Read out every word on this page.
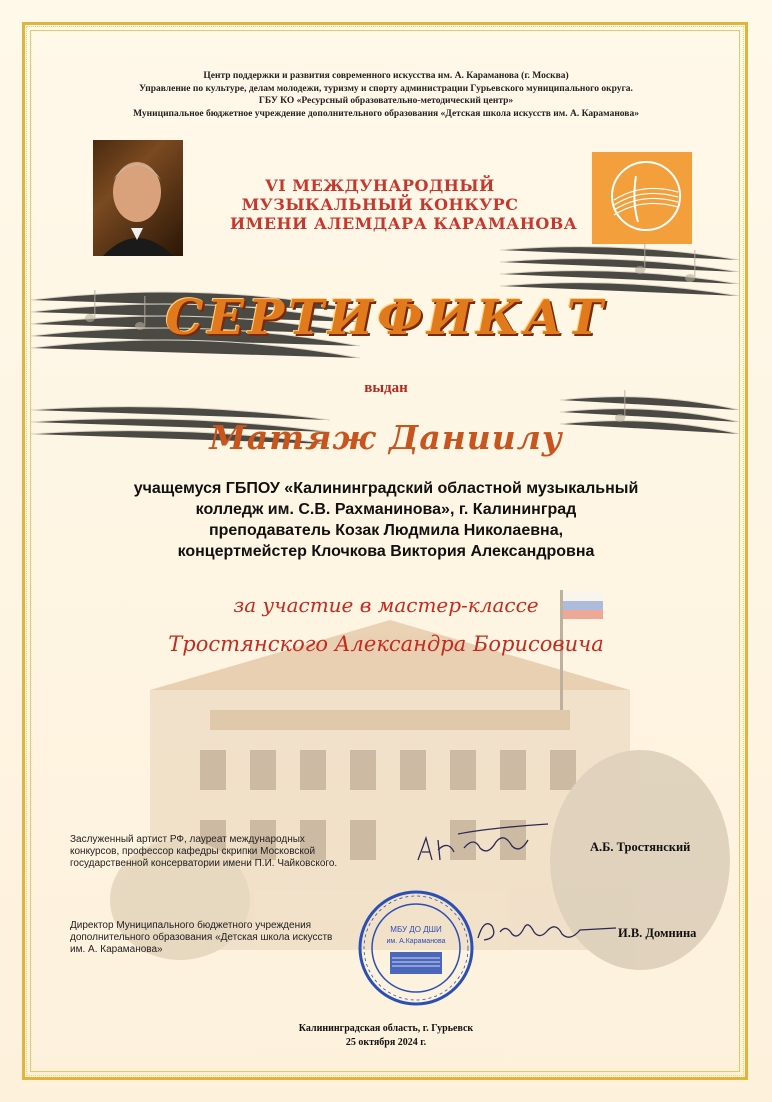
Центр поддержки и развития современного искусства им. А. Караманова (г. Москва)
Управление по культуре, делам молодежи, туризму и спорту администрации Гурьевского муниципального округа.
ГБУ КО «Ресурсный образовательно-методический центр»
Муниципальное бюджетное учреждение дополнительного образования «Детская школа искусств им. А. Караманова»
VI МЕЖДУНАРОДНЫЙ
МУЗЫКАЛЬНЫЙ КОНКУРС
ИМЕНИ АЛЕМДАРА КАРАМАНОВА
СЕРТИФИКАТ
выдан
Матяж Даниилу
учащемуся ГБПОУ «Калининградский областной музыкальный
колледж им. С.В. Рахманинова», г. Калининград
преподаватель Козак Людмила Николаевна,
концертмейстер Клочкова Виктория Александровна
за участие в мастер-классе
Тростянского Александра Борисовича
Заслуженный артист РФ, лауреат международных
конкурсов, профессор кафедры скрипки Московской
государственной консерватории имени П.И. Чайковского.
А.Б. Тростянский
Директор Муниципального бюджетного учреждения
дополнительного образования «Детская школа искусств
им. А. Караманова»
МБУ ДО ДШИ
им. А.Караманова
И.В. Домнина
Калининградская область, г. Гурьевск
25 октября 2024 г.
